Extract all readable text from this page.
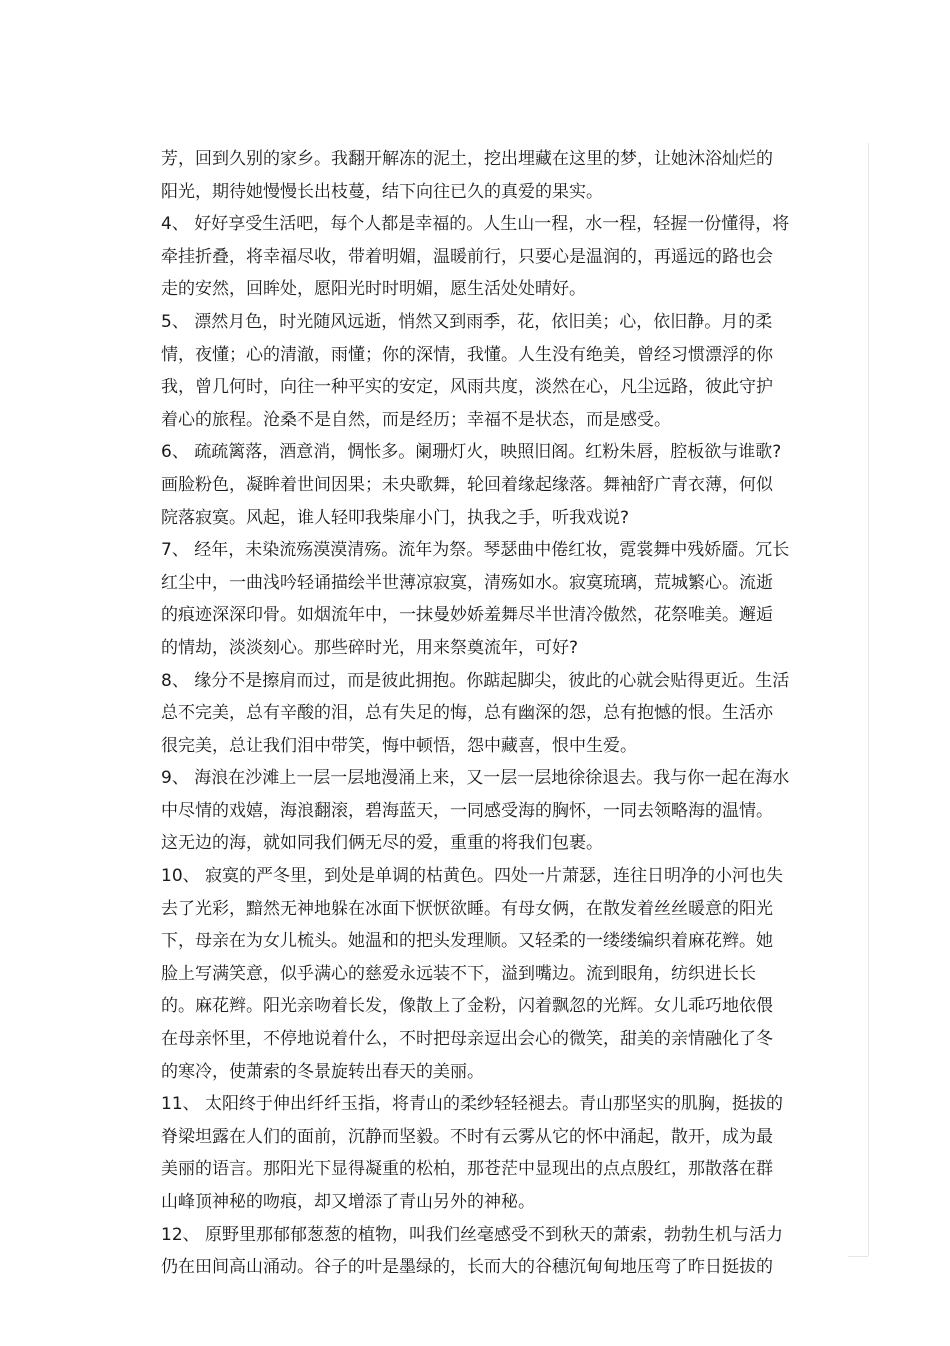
芳，回到久别的家乡。我翻开解冻的泥土，挖出埋藏在这里的梦，让她沐浴灿烂的
阳光，期待她慢慢长出枝蔓，结下向往已久的真爱的果实。
4、 好好享受生活吧，每个人都是幸福的。人生山一程，水一程，轻握一份懂得，将
牵挂折叠，将幸福尽收，带着明媚，温暖前行，只要心是温润的，再遥远的路也会
走的安然，回眸处，愿阳光时时明媚，愿生活处处晴好。
5、 漂然月色，时光随风远逝，悄然又到雨季，花，依旧美；心，依旧静。月的柔
情，夜懂；心的清澈，雨懂；你的深情，我懂。人生没有绝美，曾经习惯漂浮的你
我，曾几何时，向往一种平实的安定，风雨共度，淡然在心，凡尘远路，彼此守护
着心的旅程。沧桑不是自然，而是经历；幸福不是状态，而是感受。
6、 疏疏篱落，酒意消，惆怅多。阑珊灯火，映照旧阁。红粉朱唇，腔板欲与谁歌?
画脸粉色，凝眸着世间因果；未央歌舞，轮回着缘起缘落。舞袖舒广青衣薄，何似
院落寂寞。风起，谁人轻叩我柴扉小门，执我之手，听我戏说?
7、 经年，未染流殇漠漠清殇。流年为祭。琴瑟曲中倦红妆，霓裳舞中残娇靥。冗长
红尘中，一曲浅吟轻诵描绘半世薄凉寂寞，清殇如水。寂寞琉璃，荒城繁心。流逝
的痕迹深深印骨。如烟流年中，一抹曼妙娇羞舞尽半世清冷傲然，花祭唯美。邂逅
的情劫，淡淡刻心。那些碎时光，用来祭奠流年，可好?
8、 缘分不是擦肩而过，而是彼此拥抱。你踮起脚尖，彼此的心就会贴得更近。生活
总不完美，总有辛酸的泪，总有失足的悔，总有幽深的怨，总有抱憾的恨。生活亦
很完美，总让我们泪中带笑，悔中顿悟，怨中藏喜，恨中生爱。
9、 海浪在沙滩上一层一层地漫涌上来，又一层一层地徐徐退去。我与你一起在海水
中尽情的戏嬉，海浪翻滚，碧海蓝天，一同感受海的胸怀，一同去领略海的温情。
这无边的海，就如同我们俩无尽的爱，重重的将我们包裹。
10、 寂寞的严冬里，到处是单调的枯黄色。四处一片萧瑟，连往日明净的小河也失
去了光彩，黯然无神地躲在冰面下恹恹欲睡。有母女俩，在散发着丝丝暖意的阳光
下，母亲在为女儿梳头。她温和的把头发理顺。又轻柔的一缕缕编织着麻花辫。她
脸上写满笑意，似乎满心的慈爱永远装不下，溢到嘴边。流到眼角，纺织进长长
的。麻花辫。阳光亲吻着长发，像散上了金粉，闪着飘忽的光辉。女儿乖巧地依偎
在母亲怀里，不停地说着什么，不时把母亲逗出会心的微笑，甜美的亲情融化了冬
的寒冷，使萧索的冬景旋转出春天的美丽。
11、 太阳终于伸出纤纤玉指，将青山的柔纱轻轻褪去。青山那坚实的肌胸，挺拔的
脊梁坦露在人们的面前，沉静而坚毅。不时有云雾从它的怀中涌起，散开，成为最
美丽的语言。那阳光下显得凝重的松柏，那苍茫中显现出的点点殷红，那散落在群
山峰顶神秘的吻痕，却又增添了青山另外的神秘。
12、 原野里那郁郁葱葱的植物，叫我们丝毫感受不到秋天的萧索，勃勃生机与活力
仍在田间高山涌动。谷子的叶是墨绿的，长而大的谷穗沉甸甸地压弯了昨日挺拔的
